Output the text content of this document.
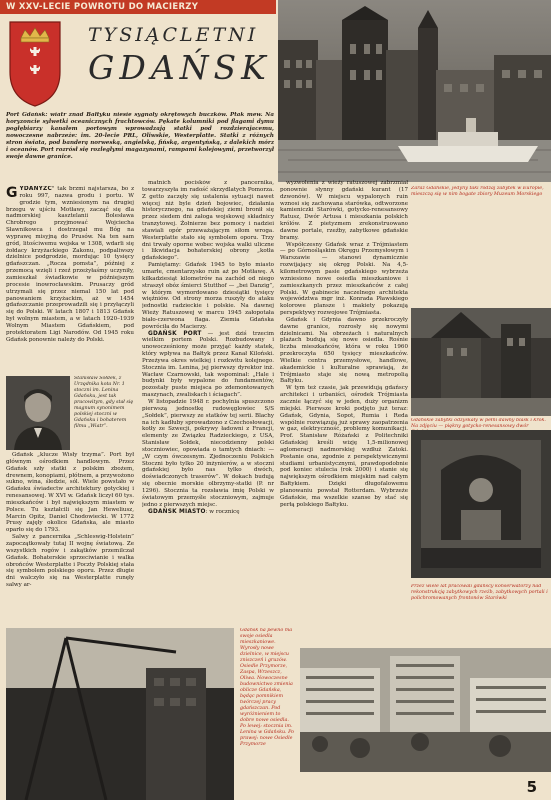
W XXV-LECIE POWROTU DO MACIERZY
TYSIĄCLETNI
GDAŃSK
Port Gdańsk: wiatr znad Bałtyku niesie sygnały okrętowych buczków. Ptak mew. Na horyzoncie sylwetki oceanicznych frachtowców. Pękate kolumniki pod flagami dymu pogłębiarzy kanałem portowym wprowadzają statki pod rozdzierajacemu, nowoczesne nabrzeże: im. 20-lecie PRL, Oliwskie, Westerplatte. Statki z różnych stron świata, pod banderą norweską, angielską, fińską, argentyńską, z dalekich mórz i oceanów. Port rozrósł się rozległymi magazynami, rampami kolejowymi, przetworzył swoje dawne granice.
Zaraz Gdańskie, jedyny taki rodzaj zabytek w Europie, mieszczą się w nim bogate zbiory Muzeum Morskiego
GYDANYZC" tak brzmi najstarsza, bo z roku 997, nazwa grodu i portu. W grodzie tym, wzniesionym na drugiej brzegu w ujściu Motławy, zacząć się dla nadmorskiej kasztelanii Bolesława Chrobrego przyjmować Wojciecha Sławnikowca i dostrzegał mu Bóg na wyprawę misyjną do Prusów. Na ten sam gród, litościwemu wojska w 1308, wdarli się żołdacy krzyżackiego Zakonu, podpaliwszy dzielnice podgrodzie, mordując 10 tysięcy gdańszczan. „Rocza pomsta”, później z przemocą wzięli i rzeź przeżyłaśmy uczyniły, zamieszkał świadkowie w późniejszym procesie inowrocławskim. Prusaczy gród utrzymali się przez niemal 150 lat pod panowaniem krzyżackim, aż w 1454 gdańszczanie przeprowadzili się i przyłączyli się do Polski. W latach 1807 i 1813 Gdańsk był wolnym miastem, a w latach 1920–1939 Wolnym Miastem Gdańskiem, pod protektoratem Ligi Narodów. Od 1945 roku Gdańsk ponownie należy do Polski.
Stanisław Sołdek, z Urzędnika kota Nr. 1 stoczni im. Lenina Gdańsku, jest tak pracowitym, gdy stał się magnum synonimem polskiej stoczni w Gdańsku i bohaterem filmu „Wiatr”.

Gdańsk „klucze Wisły trzyma”. Port był głównym ośrodkiem handlowym. Przez Gdańsk szły statki z polskim zbożem, drewnem, konopiami, płótnem, a przywożono sukno, wina, śledzie, sól. Wiele powstało w Gdańsku świadectw architektury gotyckiej i renesansowej. W XVI w. Gdańsk liczył 60 tys. mieszkańców i był największym miastem w Polsce. Tu kształcili się Jan Heweliusz, Marcin Opitz, Daniel Chodowiecki. W 1772 Prusy zajęły okolice Gdańska, ale miasto oparło się do 1793.

Salwy z pancernika „Schleswig-Holstein” zapoczątkowały tutaj II wojnę światową. Ze wszystkich rogów i zakątków przemilczał Gdańsk. Bohaterskie sprzeciwianie i walka obrońców Westerplatte i Poczty Polskiej stała się symbolem polskiego oporu. Przez długie dni walczyło się na Westerplatte runęły salwy ar-

matnich pocisków z pancernika, towarzyszyła im radość skrzydlatych Pomorza. Z getto zaczęły się ustalenia sytuacji nawet więcej niż byle dzień bojowiec, działania historycznego, na gdańskiej ziemi bronił się przez siedem dni załoga wojskowej składnicy tranzytowej. Żołnierze bez pomocy i nadziei stawiali opór przeważającym siłom wroga. Westerplatte stało się symbolem oporu. Trzy dni trwały oporne wobec wojska walki uliczne i likwidacja bohaterskiej obrony „kotła gdańskiego”.

Pamiętamy: Gdańsk 1945 to było miasto umarłe, cmentarzysko ruin aż po Motławę. A kilkadziesiąt kilometrów na zachód od niego straszył obóz śmierci Stutthof — „bei Danzig”, w którym wymordowano dziesiątki tysięcy więźniów. Od strony morza ruszyły do ataku jednostki radzieckie i polskie. Na dawnej Wieży Ratuszowej w marcu 1945 załopotała biało-czerwona flaga. Ziemia Gdańska powróciła do Macierzy.

GDAŃSK PORT — jest dziś trzecim wielkim portem Polski. Rozbudowany i unowocześniony może przyjąć każdy statek, który wpływa na Bałtyk przez Kanał Kiloński. Przeżywa okres wielkiej i rozkwitu kolejnego. Stocznia im. Lenina, jej pierwszy dyrektor inż. Wacław Czarnowski, tak wspominał: „Hale i budynki były wypalone do fundamentów, pozostały puste miejsca po zdemontowanych maszynach, zwaliskach i ściagach”.

W listopadzie 1948 r. pochylnia spuszczono pierwszą jednostkę rudowęglowiec S/S „Sołdek”, pierwszy ze statków tej serii. Blachy na ich kadłuby sprowadzono z Czechosłowacji, kotły ze Szwecji, pokrywy ładowni z Francji, elementy ze Związku Radzieckiego, z USA, Stanisław Sołdek, niecodzienny polski stoczniowiec, opowiada o tamtych dniach: — „W czym ówczesnym. Zjednoczeniu Polskich Stoczni było tylko 20 inżynierów, a w stoczni gdańskiej było nas tylko dwóch, doświadczonych traserów”. W dokach budują się obecnie morskie olbrzymy-statki (P. nr 1296). Stocznia ta rozsławia imię Polski w światowym przemyśle stoczniowym, zajmuje jedno z pierwszych miejsc.

GDAŃSK MIASTO: w rocznicę

wyzwolenia z wieży ratuszowej zabrzmiał ponownie słynny gdański kurant (17 dzwonów). W miejscu wypalonych ruin wznosi się zachowana starówka, odtworzone kamieniczki Starówki, gotycko-renesansowy Ratusz, Dwór Artusa i mieszkania polskich królów. Z pietyzmem zrekonstruowano dawne portale, rzeźby, zabytkowe gdańskie bramy.

Współczesny Gdańsk wraz z Trójmiastem — po Górnośląskim Okręgu Przemysłowym i Warszawie — stanowi dynamicznie rozwijający się okręg Polski. Na 4,5-kilometrowym pasie gdańskiego wybrzeża wzniesiono nowe osiedla mieszkaniowe i zamieszkanych przez mieszkańców z całej Polski. W gabinecie naczelnego architekta województwa mgr inż. Konrada Pławskiego kolorowe plansze i makiety pokazują perspektywy rozwojowe Trójmiasta.

Gdańsk i Gdynia dawno przekroczyły dawne granice, rozrosły się nowymi dzielnicami. Na obrzeżach i naturalnych plażach budują się nowe osiedla. Rośnie liczba mieszkańców, która w roku 1960 przekroczyła 650 tysięcy mieszkańców. Wielkie centra przemysłowe, handlowe, akademickie i kulturalne sprawiają, że Trójmiasto staje się nową metropolią Bałtyku.

W tym też czasie, jak przewidują gdańscy architekci i urbaniści, ośrodek Trójmiasta zacznie łączyć się w jeden, duży organizm miejski. Pierwsze kroki podjęto już teraz: Gdańsk, Gdynia, Sopot, Rumia i Reda wspólnie rozwiązują już sprawy zaopatrzenia w gaz, elektryczność, problemy komunikacji. Prof. Stanisław Różański z Politechniki Gdańskiej kreśli wizję 1,5-milionowej aglomeracji nadmorskiej wzdłuż Zatoki. Postanie ona, zgodnie z perspektywicznymi studiami urbanistycznymi, prawdopodobnie pod koniec stulecia (rok 2000) i stanie się największym ośrodkiem miejskim nad całym Bałtykiem. Dzięki długofalowemu planowaniu powstał Rotterdam. Wybrzeże Gdańskie, ma wszelkie szanse by stać się perłą polskiego Bałtyku.

Gdańskie zabytki odzyskały w pełni dawny blask i krok. Na zdjęciu — piękny gotycko-renesansowy dwór
Przez wiele lat pracowali gdańscy konserwatorzy nad rekonstrukcją zabytkowych rzeźb, zabytkowych portali i polichromowanych frontonów Starówki
Gdańsk na pewno ma swoje osiedla mieszkaniowe. Wyrosły nowe dzielnice, w miejscu zniszczeń i gruzów. Osiedle Przymorze, Zaspa, Wrzeszcz, Oliwa. Nowoczesne budownictwo zmienia oblicze Gdańska, będąc pomnikiem twórczej pracy gdańszczan. Pod wyróżnieniem to dobre nowe osiedla. Po lewej: stocznia im. Lenina w Gdańsku. Po prawej: nowe Osiedle Przymorze
5
